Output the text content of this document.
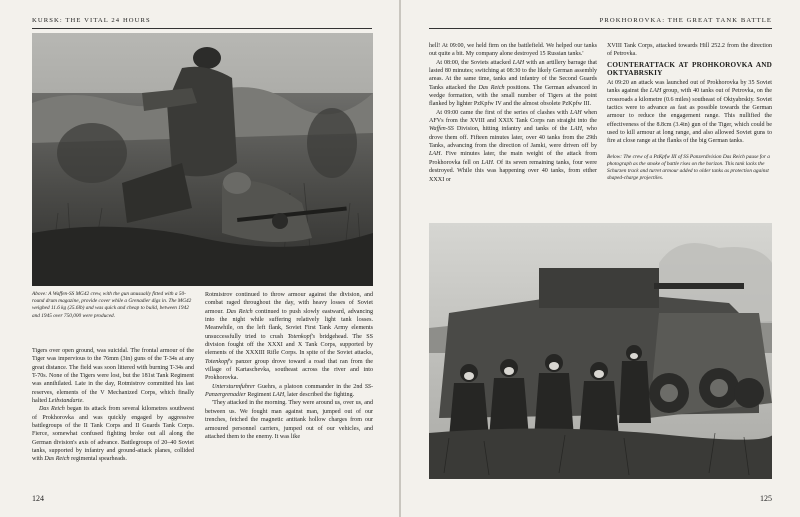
KURSK: THE VITAL 24 HOURS
Above: A Waffen-SS MG42 crew, with the gun unusually fitted with a 50-round drum magazine, provide cover while a Grenadier digs in. The MG42 weighed 11.6 kg (25.6lb) and was quick and cheap to build, between 1942 and 1945 over 750,000 were produced.

Tigers over open ground, was suicidal. The frontal armour of the Tiger was impervious to the 76mm (3in) guns of the T-34s at any great distance. The field was soon littered with burning T-34s and T-70s. None of the Tigers were lost, but the 181st Tank Regiment was annihilated. Late in the day, Rotmistrov committed his last reserves, elements of the V Mechanized Corps, which finally halted Leibstandarte.

Das Reich began its attack from several kilometres southwest of Prokhorovka and was quickly engaged by aggressive battlegroups of the II Tank Corps and II Guards Tank Corps. Fierce, somewhat confused fighting broke out all along the German division's axis of advance. Battlegroups of 20–40 Soviet tanks, supported by infantry and ground-attack planes, collided with Das Reich regimental spearheads.

Rotmistrov continued to throw armour against the division, and combat raged throughout the day, with heavy losses of Soviet armour. Das Reich continued to push slowly eastward, advancing into the night while suffering relatively light tank losses. Meanwhile, on the left flank, Soviet First Tank Army elements unsuccessfully tried to crush Totenkopf's bridgehead. The SS division fought off the XXXI and X Tank Corps, supported by elements of the XXXIII Rifle Corps. In spite of the Soviet attacks, Totenkopf's panzer group drove toward a road that ran from the village of Kartaschevka, southeast across the river and into Prokhorovka.

Untersturmfuhrer Guehrs, a platoon commander in the 2nd SS-Panzergrenadier Regiment LAH, later described the fighting.

'They attacked in the morning. They were around us, over us, and between us. We fought man against man, jumped out of our trenches, fetched the magnetic antitank hollow charges from our armoured personnel carriers, jumped out of our vehicles, and attached them to the enemy. It was like

124
PROKHOROVKA: THE GREAT TANK BATTLE

hell! At 09:00, we held firm on the battlefield. We helped our tanks out quite a bit. My company alone destroyed 15 Russian tanks.'

At 08:00, the Soviets attacked LAH with an artillery barrage that lasted 80 minutes; switching at 08:30 to the likely German assembly areas. At the same time, tanks and infantry of the Second Guards Tanks attacked the Das Reich positions. The German advanced in wedge formation, with the small number of Tigers at the point flanked by lighter PzKpfw IV and the almost obsolete PzKpfw III.

At 09:00 came the first of the series of clashes with LAH when AFVs from the XVIII and XXIX Tank Corps ran straight into the Waffen-SS Division, hitting infantry and tanks of the LAH, who drove them off. Fifteen minutes later, over 40 tanks from the 29th Tanks, advancing from the direction of Jamki, were driven off by LAH. Five minutes later, the main weight of the attack from Prokhorovka fell on LAH. Of its seven remaining tanks, four were destroyed. While this was happening over 40 tanks, from either XXXI or

XVIII Tank Corps, attacked towards Hill 252.2 from the direction of Petrovka.

COUNTERATTACK AT PROHKOROVKA AND OKTYABRSKIY

At 09:20 an attack was launched out of Prokhorovka by 35 Soviet tanks against the LAH group, with 40 tanks out of Petrovka, on the crossroads a kilometre (0.6 miles) southeast of Oktyabrskiy. Soviet tactics were to advance as fast as possible towards the German armour to reduce the engagement range. This nullified the effectiveness of the 8.8cm (3.4in) gun of the Tiger, which could be used to kill armour at long range, and also allowed Soviet guns to fire at close range at the flanks of the big German tanks.

Below: The crew of a PzKpfw III of SS Panzerdivision Das Reich pause for a photograph as the smoke of battle rises on the horizon. This tank lacks the Schurzen track and turret armour added to older tanks as protection against shaped-charge projectiles.
125
